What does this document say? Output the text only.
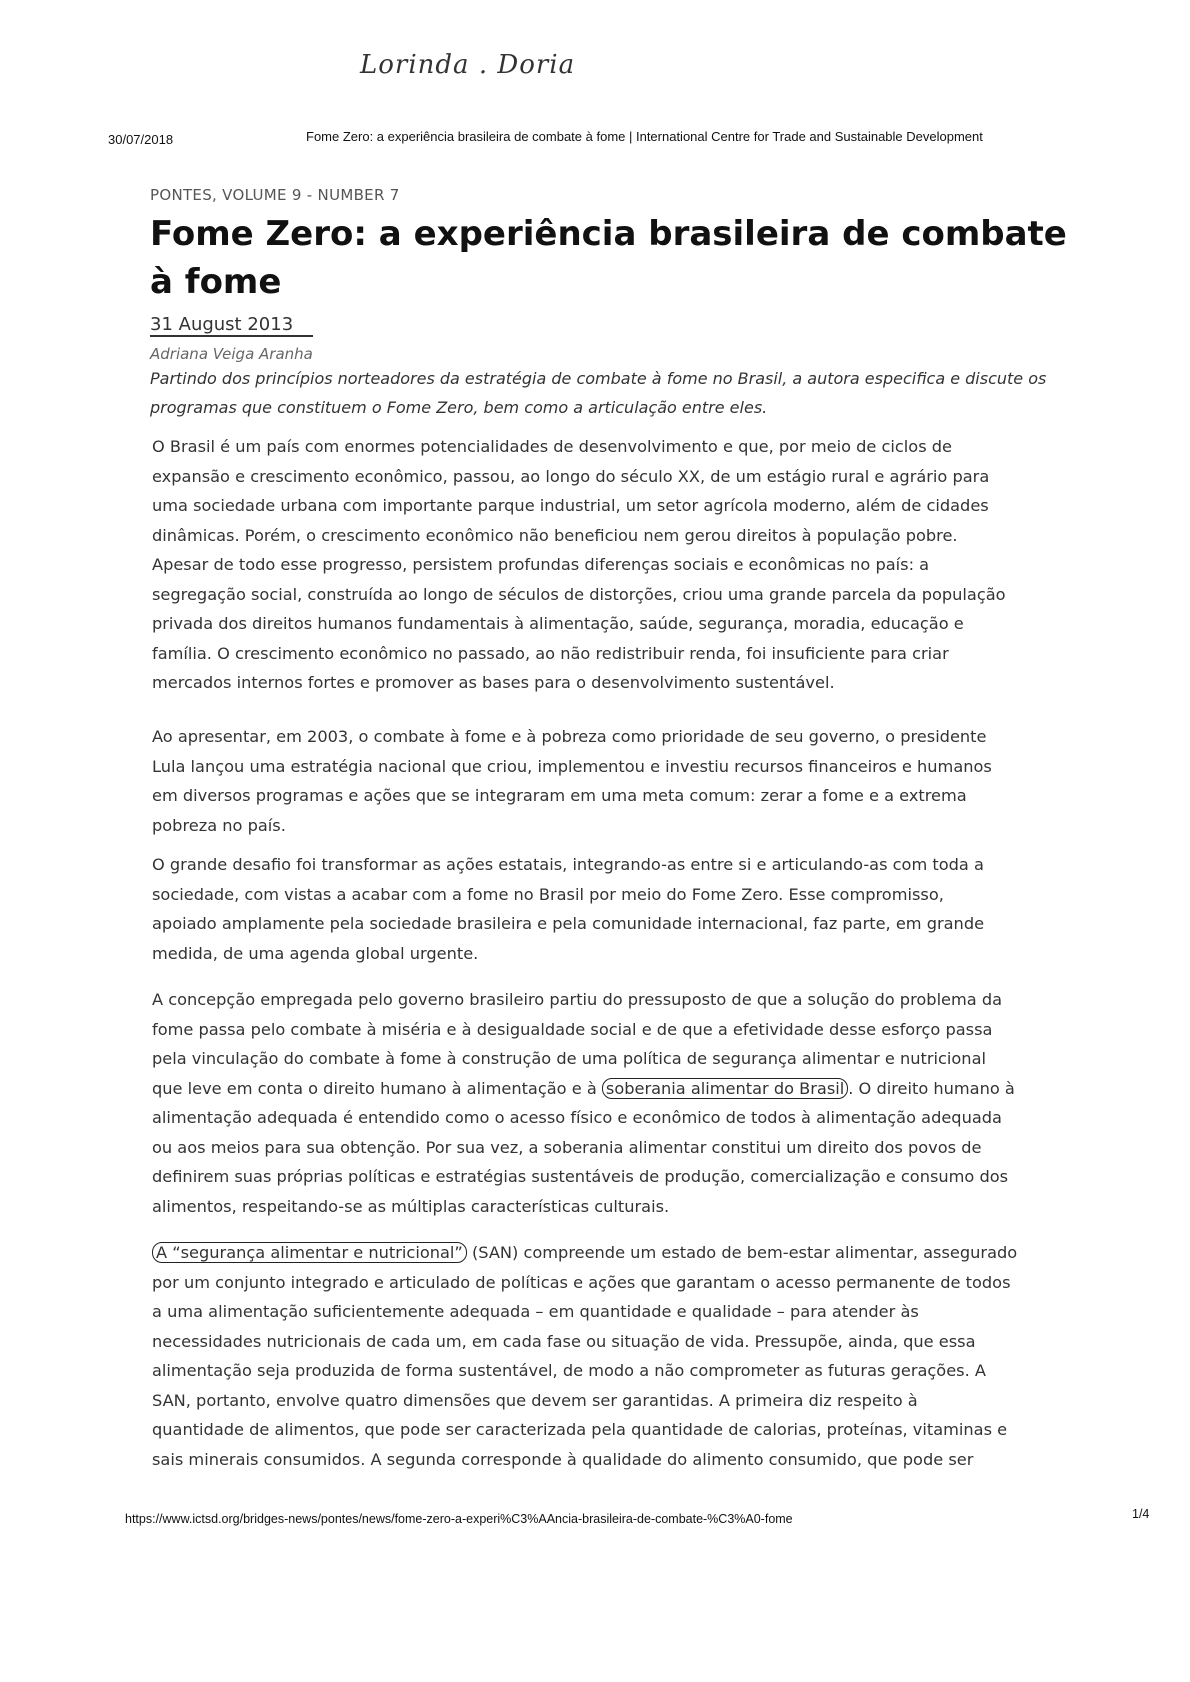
Lorinda . Doria
30/07/2018	Fome Zero: a experiência brasileira de combate à fome | International Centre for Trade and Sustainable Development
PONTES, VOLUME 9 - NUMBER 7
Fome Zero: a experiência brasileira de combate à fome
31 August 2013
Adriana Veiga Aranha
Partindo dos princípios norteadores da estratégia de combate à fome no Brasil, a autora especifica e discute os
programas que constituem o Fome Zero, bem como a articulação entre eles.
O Brasil é um país com enormes potencialidades de desenvolvimento e que, por meio de ciclos de
expansão e crescimento econômico, passou, ao longo do século XX, de um estágio rural e agrário para
uma sociedade urbana com importante parque industrial, um setor agrícola moderno, além de cidades
dinâmicas. Porém, o crescimento econômico não beneficiou nem gerou direitos à população pobre.
Apesar de todo esse progresso, persistem profundas diferenças sociais e econômicas no país: a
segregação social, construída ao longo de séculos de distorções, criou uma grande parcela da população
privada dos direitos humanos fundamentais à alimentação, saúde, segurança, moradia, educação e
família. O crescimento econômico no passado, ao não redistribuir renda, foi insuficiente para criar
mercados internos fortes e promover as bases para o desenvolvimento sustentável.
Ao apresentar, em 2003, o combate à fome e à pobreza como prioridade de seu governo, o presidente
Lula lançou uma estratégia nacional que criou, implementou e investiu recursos financeiros e humanos
em diversos programas e ações que se integraram em uma meta comum: zerar a fome e a extrema
pobreza no país.
O grande desafio foi transformar as ações estatais, integrando-as entre si e articulando-as com toda a
sociedade, com vistas a acabar com a fome no Brasil por meio do Fome Zero. Esse compromisso,
apoiado amplamente pela sociedade brasileira e pela comunidade internacional, faz parte, em grande
medida, de uma agenda global urgente.
A concepção empregada pelo governo brasileiro partiu do pressuposto de que a solução do problema da
fome passa pelo combate à miséria e à desigualdade social e de que a efetividade desse esforço passa
pela vinculação do combate à fome à construção de uma política de segurança alimentar e nutricional
que leve em conta o direito humano à alimentação e à soberania alimentar do Brasil . O direito humano à
alimentação adequada é entendido como o acesso físico e econômico de todos à alimentação adequada
ou aos meios para sua obtenção. Por sua vez, a soberania alimentar constitui um direito dos povos de
definirem suas próprias políticas e estratégias sustentáveis de produção, comercialização e consumo dos
alimentos, respeitando-se as múltiplas características culturais.
A “segurança alimentar e nutricional” (SAN) compreende um estado de bem-estar alimentar, assegurado
por um conjunto integrado e articulado de políticas e ações que garantam o acesso permanente de todos
a uma alimentação suficientemente adequada – em quantidade e qualidade – para atender às
necessidades nutricionais de cada um, em cada fase ou situação de vida. Pressupõe, ainda, que essa
alimentação seja produzida de forma sustentável, de modo a não comprometer as futuras gerações. A
SAN, portanto, envolve quatro dimensões que devem ser garantidas. A primeira diz respeito à
quantidade de alimentos, que pode ser caracterizada pela quantidade de calorias, proteínas, vitaminas e
sais minerais consumidos. A segunda corresponde à qualidade do alimento consumido, que pode ser
https://www.ictsd.org/bridges-news/pontes/news/fome-zero-a-experi%C3%AAncia-brasileira-de-combate-%C3%A0-fome	1/4
